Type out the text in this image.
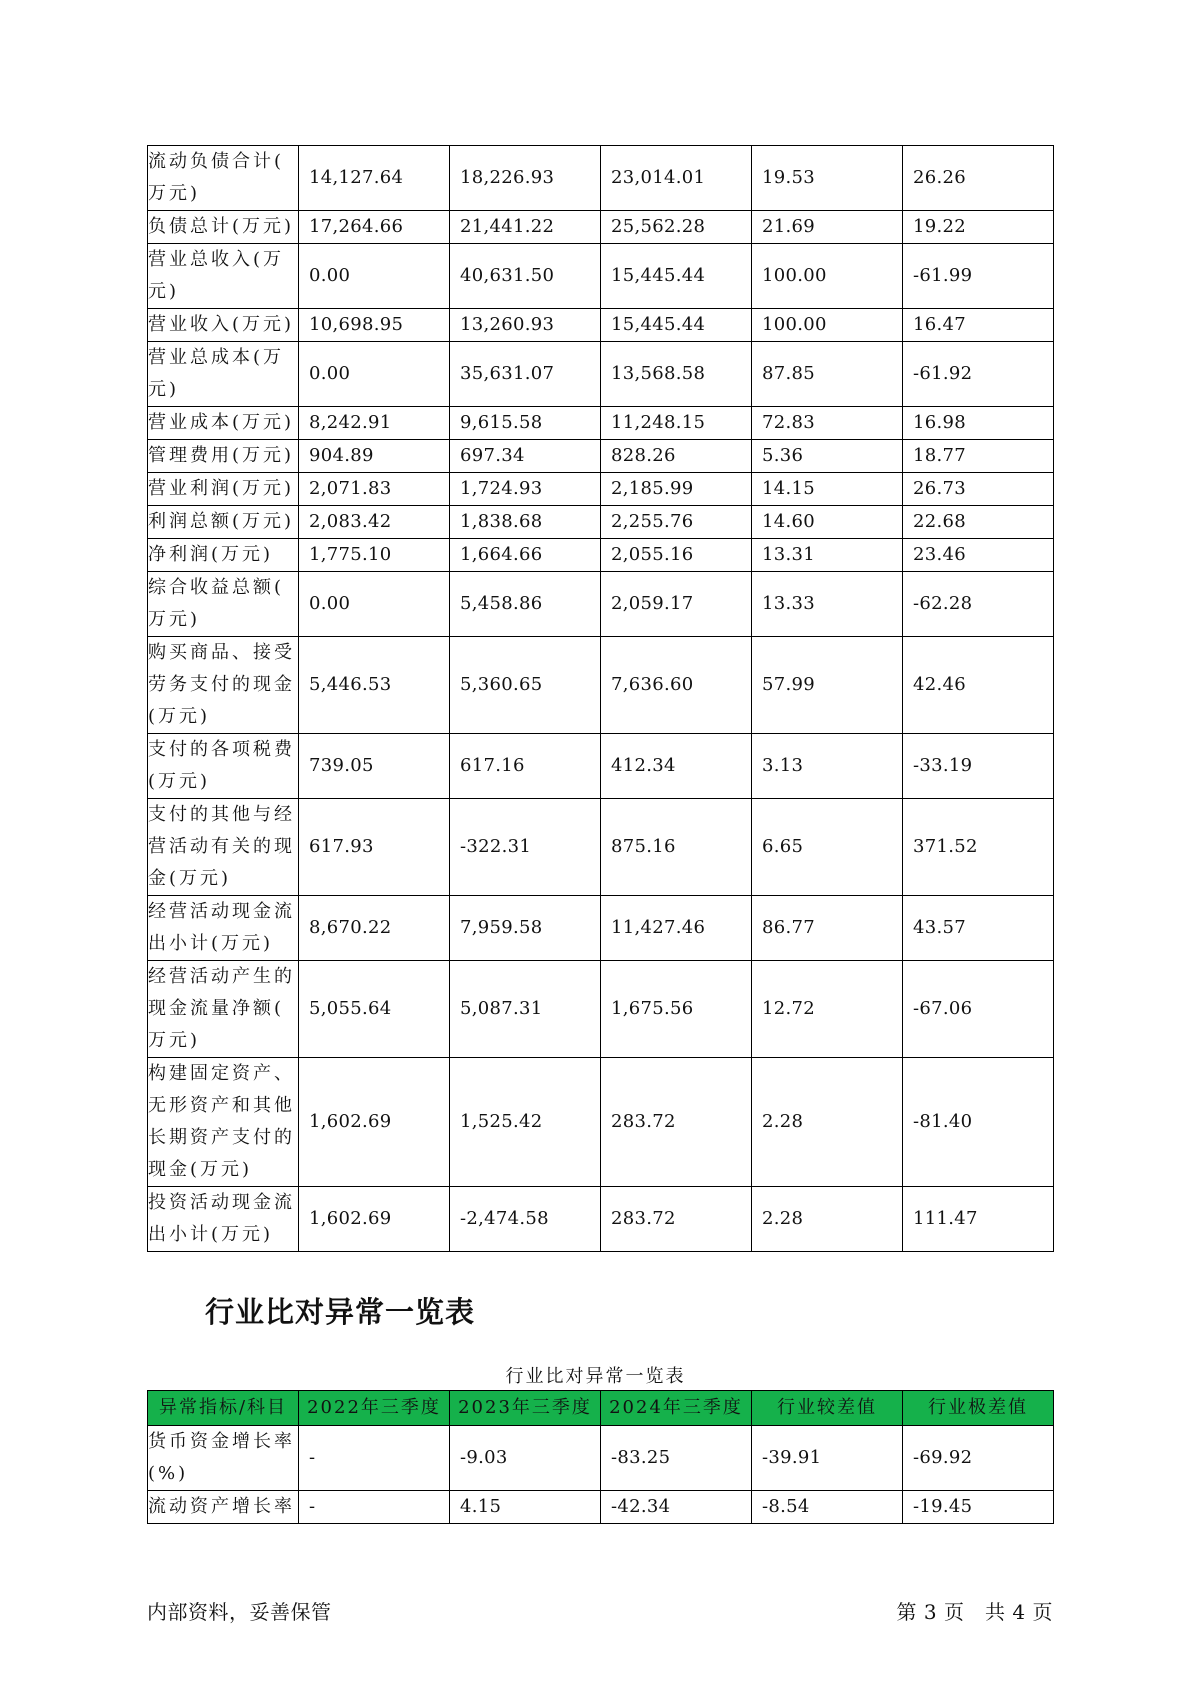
流动负债合计(
万元)	14,127.64	18,226.93	23,014.01	19.53	26.26

负债总计(万元)	17,264.66	21,441.22	25,562.28	21.69	19.22

营业总收入(万
元)	0.00	40,631.50	15,445.44	100.00	-61.99

营业收入(万元)	10,698.95	13,260.93	15,445.44	100.00	16.47

营业总成本(万
元)	0.00	35,631.07	13,568.58	87.85	-61.92

营业成本(万元)	8,242.91	9,615.58	11,248.15	72.83	16.98

管理费用(万元)	904.89	697.34	828.26	5.36	18.77

营业利润(万元)	2,071.83	1,724.93	2,185.99	14.15	26.73

利润总额(万元)	2,083.42	1,838.68	2,255.76	14.60	22.68

净利润(万元)	1,775.10	1,664.66	2,055.16	13.31	23.46

综合收益总额(
万元)	0.00	5,458.86	2,059.17	13.33	-62.28

购买商品、接受
劳务支付的现金
(万元)	5,446.53	5,360.65	7,636.60	57.99	42.46

支付的各项税费
(万元)	739.05	617.16	412.34	3.13	-33.19

支付的其他与经
营活动有关的现
金(万元)	617.93	-322.31	875.16	6.65	371.52

经营活动现金流
出小计(万元)	8,670.22	7,959.58	11,427.46	86.77	43.57

经营活动产生的
现金流量净额(
万元)	5,055.64	5,087.31	1,675.56	12.72	-67.06

构建固定资产、
无形资产和其他
长期资产支付的
现金(万元)	1,602.69	1,525.42	283.72	2.28	-81.40

投资活动现金流
出小计(万元)	1,602.69	-2,474.58	283.72	2.28	111.47
行业比对异常一览表
行业比对异常一览表
异常指标/科目	2022年三季度	2023年三季度	2024年三季度	行业较差值	行业极差值

货币资金增长率
(%)	-	-9.03	-83.25	-39.91	-69.92

流动资产增长率	-	4.15	-42.34	-8.54	-19.45
内部资料，妥善保管	第 3 页   共 4 页
